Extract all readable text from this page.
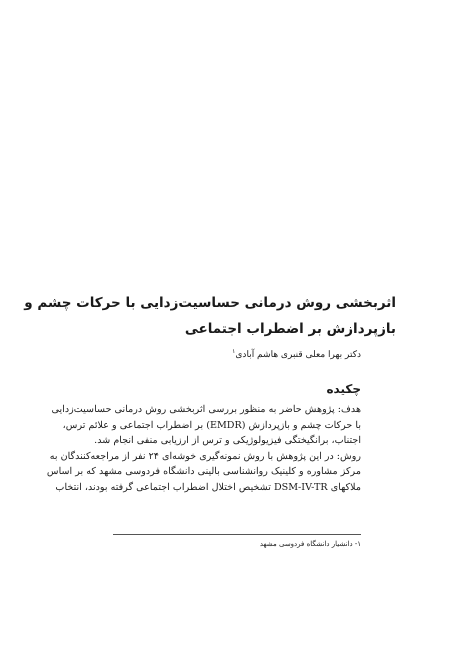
اثربخشی روش درمانی حساسیت‌زدایی با حرکات چشم و
بازپردازش بر اضطراب اجتماعی
دکتر بهرا معلی قنبری هاشم آبادی$^۱$
چکیده
هدف: پژوهش حاضر به منظور بررسی اثربخشی روش درمانی حساسیت‌زدایی
با حرکات چشم و بازپردازش (EMDR) بر اضطراب اجتماعی و علائم ترس،
اجتناب، برانگیختگی فیزیولوژیکی و ترس از ارزیابی منفی انجام شد.
روش: در این پژوهش با روش نمونه‌گیری خوشه‌ای ۲۴ نفر از مراجعه‌کنندگان به
مرکز مشاوره و کلینیک روانشناسی بالینی دانشگاه فردوسی مشهد که بر اساس
ملاکهای DSM-IV-TR تشخیص اختلال اضطراب اجتماعی گرفته بودند، انتخاب
۱- دانشیار دانشگاه فردوسی مشهد
